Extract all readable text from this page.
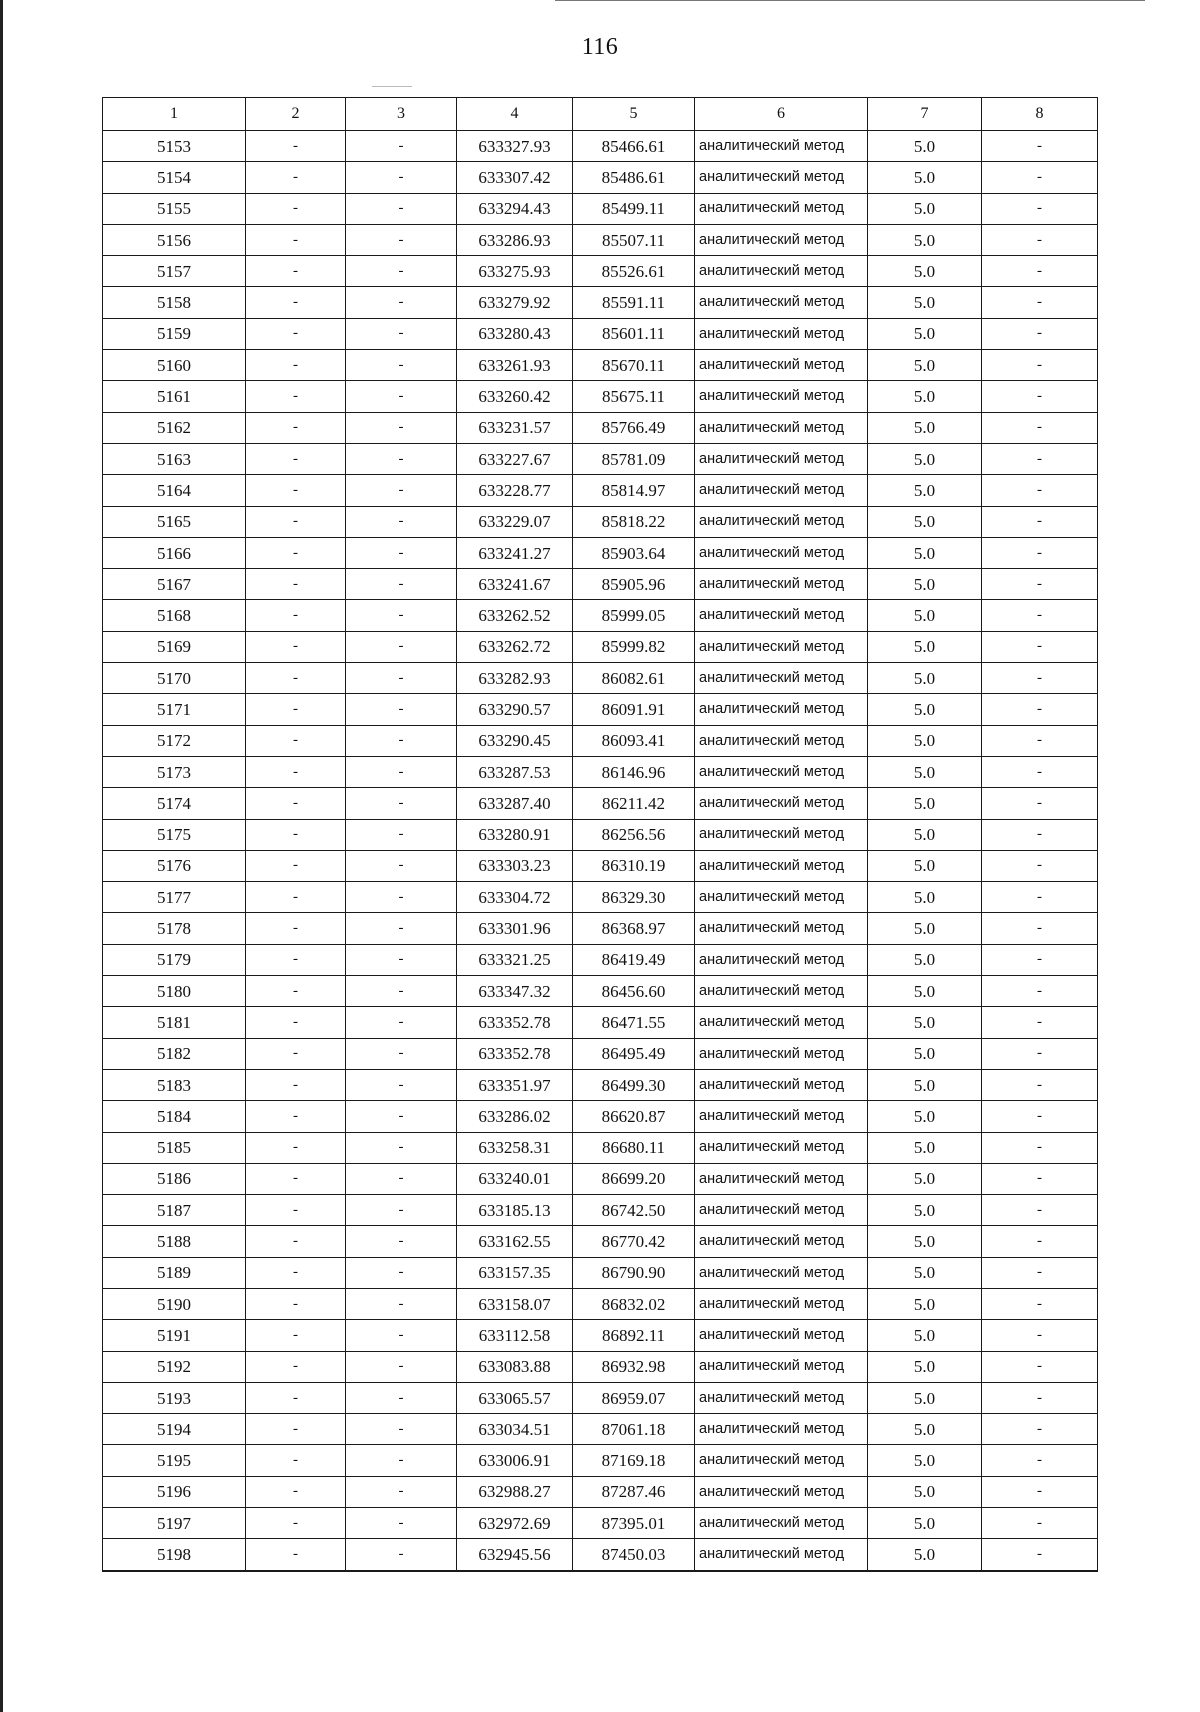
116
1	2	3	4	5	6	7	8
5153	-	-	633327.93	85466.61	аналитический метод	5.0	-
5154	-	-	633307.42	85486.61	аналитический метод	5.0	-
5155	-	-	633294.43	85499.11	аналитический метод	5.0	-
5156	-	-	633286.93	85507.11	аналитический метод	5.0	-
5157	-	-	633275.93	85526.61	аналитический метод	5.0	-
5158	-	-	633279.92	85591.11	аналитический метод	5.0	-
5159	-	-	633280.43	85601.11	аналитический метод	5.0	-
5160	-	-	633261.93	85670.11	аналитический метод	5.0	-
5161	-	-	633260.42	85675.11	аналитический метод	5.0	-
5162	-	-	633231.57	85766.49	аналитический метод	5.0	-
5163	-	-	633227.67	85781.09	аналитический метод	5.0	-
5164	-	-	633228.77	85814.97	аналитический метод	5.0	-
5165	-	-	633229.07	85818.22	аналитический метод	5.0	-
5166	-	-	633241.27	85903.64	аналитический метод	5.0	-
5167	-	-	633241.67	85905.96	аналитический метод	5.0	-
5168	-	-	633262.52	85999.05	аналитический метод	5.0	-
5169	-	-	633262.72	85999.82	аналитический метод	5.0	-
5170	-	-	633282.93	86082.61	аналитический метод	5.0	-
5171	-	-	633290.57	86091.91	аналитический метод	5.0	-
5172	-	-	633290.45	86093.41	аналитический метод	5.0	-
5173	-	-	633287.53	86146.96	аналитический метод	5.0	-
5174	-	-	633287.40	86211.42	аналитический метод	5.0	-
5175	-	-	633280.91	86256.56	аналитический метод	5.0	-
5176	-	-	633303.23	86310.19	аналитический метод	5.0	-
5177	-	-	633304.72	86329.30	аналитический метод	5.0	-
5178	-	-	633301.96	86368.97	аналитический метод	5.0	-
5179	-	-	633321.25	86419.49	аналитический метод	5.0	-
5180	-	-	633347.32	86456.60	аналитический метод	5.0	-
5181	-	-	633352.78	86471.55	аналитический метод	5.0	-
5182	-	-	633352.78	86495.49	аналитический метод	5.0	-
5183	-	-	633351.97	86499.30	аналитический метод	5.0	-
5184	-	-	633286.02	86620.87	аналитический метод	5.0	-
5185	-	-	633258.31	86680.11	аналитический метод	5.0	-
5186	-	-	633240.01	86699.20	аналитический метод	5.0	-
5187	-	-	633185.13	86742.50	аналитический метод	5.0	-
5188	-	-	633162.55	86770.42	аналитический метод	5.0	-
5189	-	-	633157.35	86790.90	аналитический метод	5.0	-
5190	-	-	633158.07	86832.02	аналитический метод	5.0	-
5191	-	-	633112.58	86892.11	аналитический метод	5.0	-
5192	-	-	633083.88	86932.98	аналитический метод	5.0	-
5193	-	-	633065.57	86959.07	аналитический метод	5.0	-
5194	-	-	633034.51	87061.18	аналитический метод	5.0	-
5195	-	-	633006.91	87169.18	аналитический метод	5.0	-
5196	-	-	632988.27	87287.46	аналитический метод	5.0	-
5197	-	-	632972.69	87395.01	аналитический метод	5.0	-
5198	-	-	632945.56	87450.03	аналитический метод	5.0	-
